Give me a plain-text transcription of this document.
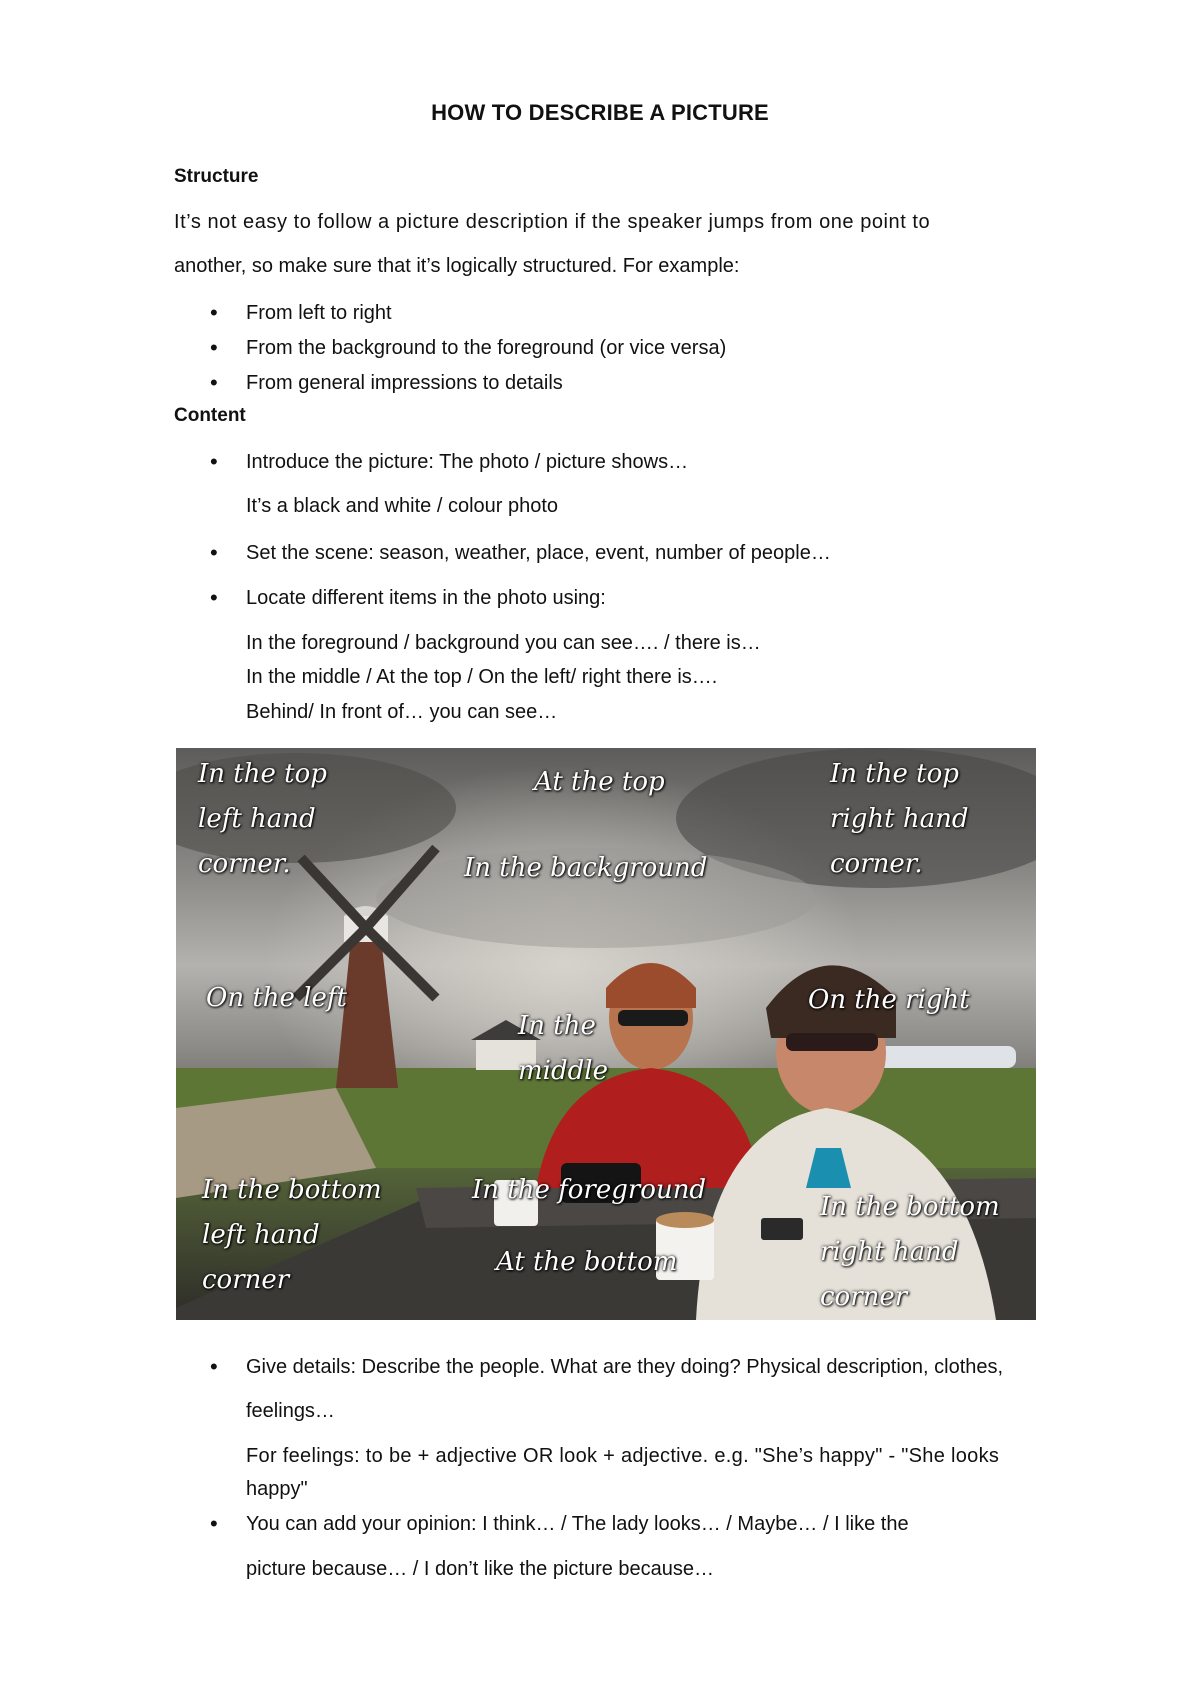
HOW TO DESCRIBE A PICTURE
Structure
It’s not easy to follow a picture description if the speaker jumps from one point to
another, so make sure that it’s logically structured. For example:
• From left to right
• From the background to the foreground (or vice versa)
• From general impressions to details
Content
• Introduce the picture: The photo / picture shows…
It’s a black and white / colour photo
• Set the scene: season, weather, place, event, number of people…
• Locate different items in the photo using:
In the foreground / background you can see…. / there is…
In the middle / At the top / On the left/ right there is….
Behind/ In front of… you can see…
In the top
left hand
corner.
At the top	In the top
right hand
corner.
In the background
On the left	On the right
In the
middle
In the foreground
In the bottom
left hand
corner
At the bottom
In the bottom
right hand
corner
• Give details: Describe the people. What are they doing? Physical description, clothes,
feelings…
For feelings: to be + adjective OR look + adjective. e.g. "She’s happy" - "She looks
happy"
• You can add your opinion: I think… / The lady looks… / Maybe… / I like the
picture because… / I don’t like the picture because…
